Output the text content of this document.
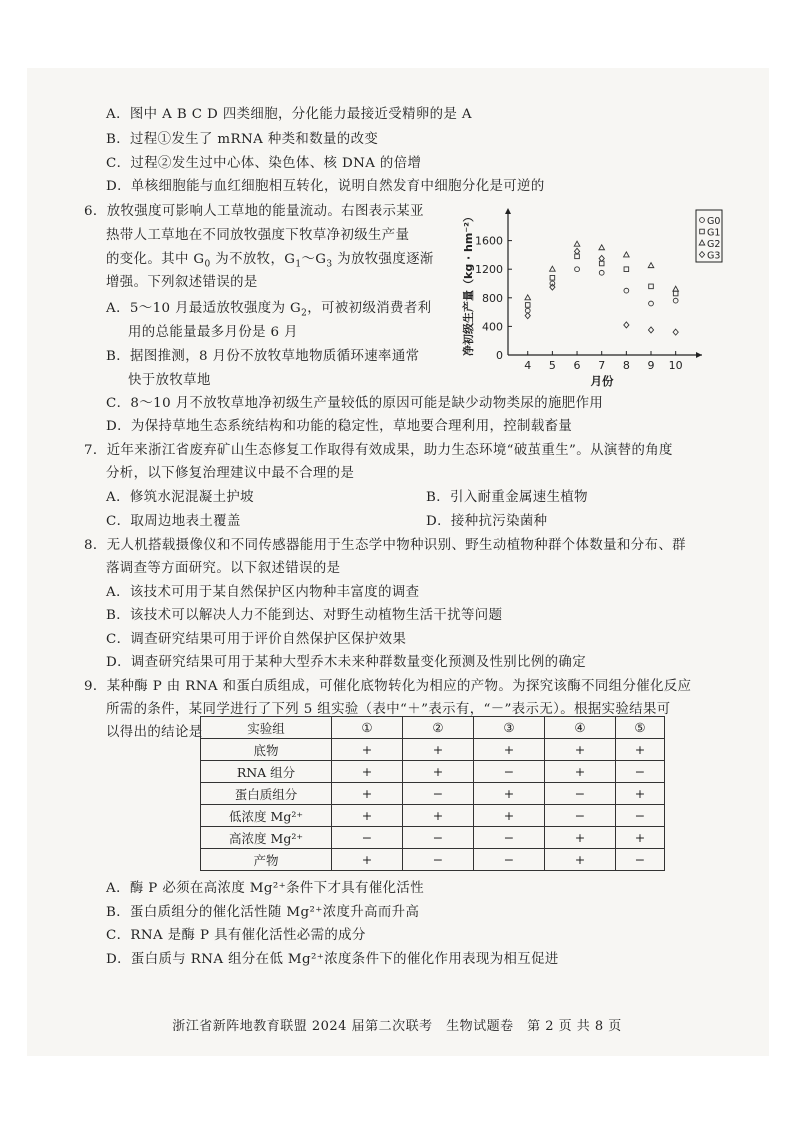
A．图中 A B C D 四类细胞，分化能力最接近受精卵的是 A
B．过程①发生了 mRNA 种类和数量的改变
C．过程②发生过中心体、染色体、核 DNA 的倍增
D．单核细胞能与血红细胞相互转化，说明自然发育中细胞分化是可逆的
6．放牧强度可影响人工草地的能量流动。右图表示某亚
热带人工草地在不同放牧强度下牧草净初级生产量
的变化。其中 $G_0$ 为不放牧，$G_1\sim G_3$ 为放牧强度逐渐
增强。下列叙述错误的是
A．5～10 月最适放牧强度为 $G_2$，可被初级消费者利
用的总能量最多月份是 6 月
B．据图推测，8 月份不放牧草地物质循环速率通常
快于放牧草地
C．8～10 月不放牧草地净初级生产量较低的原因可能是缺少动物类尿的施肥作用
D．为保持草地生态系统结构和功能的稳定性，草地要合理利用，控制载畜量
0
400
800
1200
1600
4 5 6 7 8 9 10
月份
净初级生产量（kg · hm⁻²）	G0
G1
G2
G3
7．近年来浙江省废弃矿山生态修复工作取得有效成果，助力生态环境“破茧重生”。从演替的角度
分析，以下修复治理建议中最不合理的是
A．修筑水泥混凝土护坡	B．引入耐重金属速生植物
C．取周边地表土覆盖	D．接种抗污染菌种
8．无人机搭载摄像仪和不同传感器能用于生态学中物种识别、野生动植物种群个体数量和分布、群
落调查等方面研究。以下叙述错误的是
A．该技术可用于某自然保护区内物种丰富度的调查
B．该技术可以解决人力不能到达、对野生动植物生活干扰等问题
C．调查研究结果可用于评价自然保护区保护效果
D．调查研究结果可用于某种大型乔木未来种群数量变化预测及性别比例的确定
9．某种酶 P 由 RNA 和蛋白质组成，可催化底物转化为相应的产物。为探究该酶不同组分催化反应
所需的条件，某同学进行了下列 5 组实验（表中“＋”表示有，“－”表示无）。根据实验结果可
以得出的结论是	实验组	①	②	③	④	⑤
底物	+	+	+	+	+
RNA 组分	+	+	−	+	−
蛋白质组分	+	−	+	−	+
低浓度 Mg²⁺	+	+	+	−	−
高浓度 Mg²⁺	−	−	−	+	+
产物	+	−	−	+	−
A．酶 P 必须在高浓度 Mg²⁺条件下才具有催化活性
B．蛋白质组分的催化活性随 Mg²⁺浓度升高而升高
C．RNA 是酶 P 具有催化活性必需的成分
D．蛋白质与 RNA 组分在低 Mg²⁺浓度条件下的催化作用表现为相互促进
浙江省新阵地教育联盟 2024 届第二次联考　生物试题卷　第 2 页 共 8 页
